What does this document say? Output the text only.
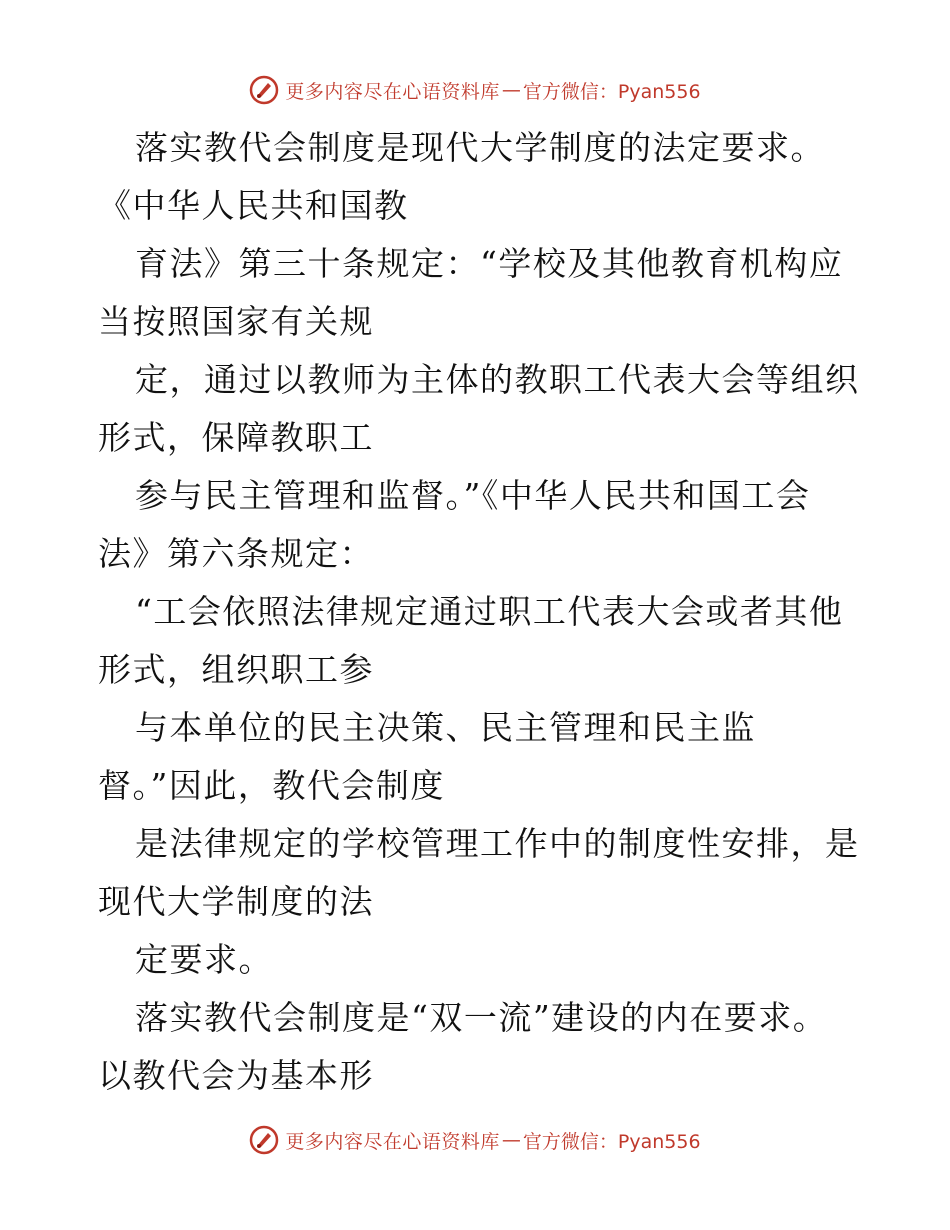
更多内容尽在心语资料库 — 官方微信：Pyan556
落实教代会制度是现代大学制度的法定要求。
《中华人民共和国教
育法》第三十条规定：“学校及其他教育机构应
当按照国家有关规
定，通过以教师为主体的教职工代表大会等组织
形式，保障教职工
参与民主管理和监督。”《中华人民共和国工会
法》第六条规定：
“工会依照法律规定通过职工代表大会或者其他
形式，组织职工参
与本单位的民主决策、民主管理和民主监
督。”因此，教代会制度
是法律规定的学校管理工作中的制度性安排，是
现代大学制度的法
定要求。
落实教代会制度是“双一流”建设的内在要求。
以教代会为基本形
更多内容尽在心语资料库 — 官方微信：Pyan556
